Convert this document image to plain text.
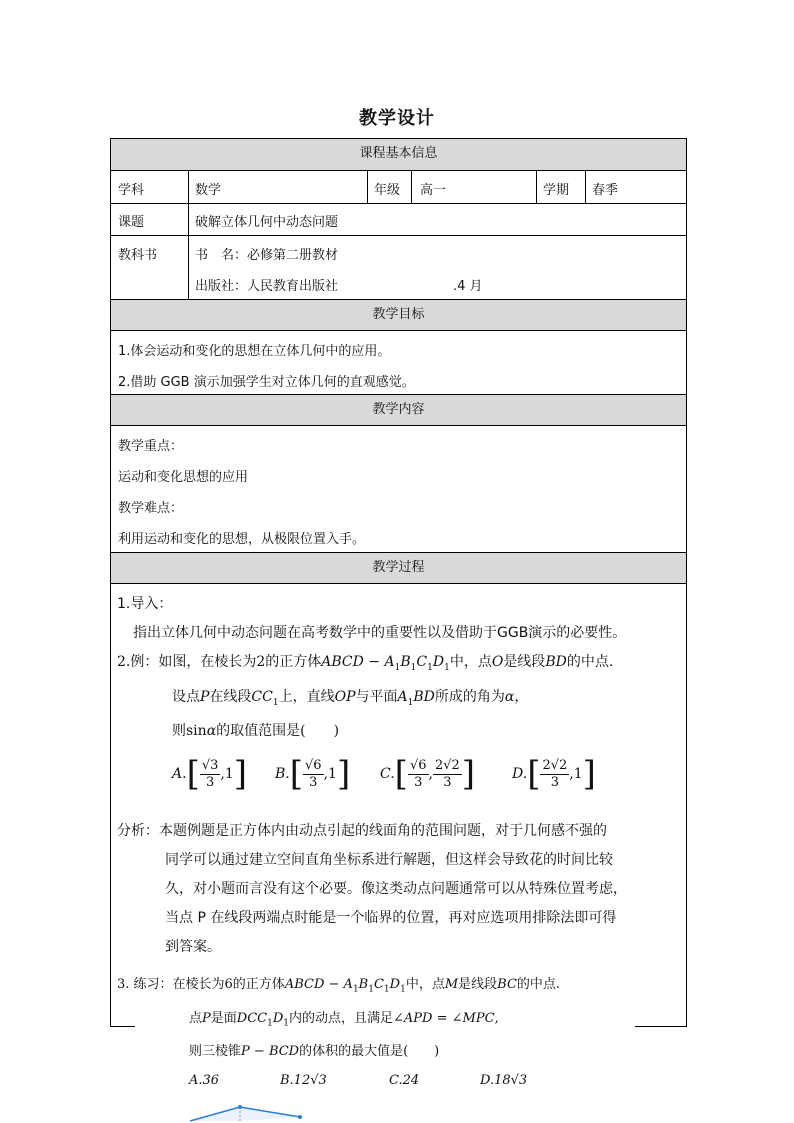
教学设计
课程基本信息
学科	数学	年级 高一	学期 春季
课题	破解立体几何中动态问题
教科书	书　名：必修第二册教材
出版社：人民教育出版社	.4 月
教学目标
1.体会运动和变化的思想在立体几何中的应用。
2.借助 GGB 演示加强学生对立体几何的直观感觉。
教学内容
教学重点：
运动和变化思想的应用
教学难点：
利用运动和变化的思想，从极限位置入手。
教学过程
1.导入：
指出立体几何中动态问题在高考数学中的重要性以及借助于GGB演示的必要性。
2.例：如图，在棱长为2的正方体ABCD − $A_1B_1C_1D_1$中，点O是线段BD的中点.
设点P在线段$CC_1$上，直线OP与平面$A_1BD$所成的角为α，
则sinα的取值范围是(　　)
$A.[ \frac{√3}{3} ,1]$ $B.[ \frac{√6}{3} ,1]$ $C.[ \frac{√6}{3}$ , $\frac{2√2}{3}$ ]	$D.[ \frac{2√2}{3} ,1]$
分析：本题例题是正方体内由动点引起的线面角的范围问题，对于几何感不强的
同学可以通过建立空间直角坐标系进行解题，但这样会导致花的时间比较
久，对小题而言没有这个必要。像这类动点问题通常可以从特殊位置考虑，
当点 P 在线段两端点时能是一个临界的位置，再对应选项用排除法即可得
到答案。
3. 练习：在棱长为6的正方体ABCD − $A_1B_1C_1D_1$中，点M是线段BC的中点.
点P是面$DCC_1D_1$内的动点，且满足∠APD = ∠MPC,
则三棱锥P − BCD的体积的最大值是(　　)
A.36	B.12√3	C.24	D.18√3
